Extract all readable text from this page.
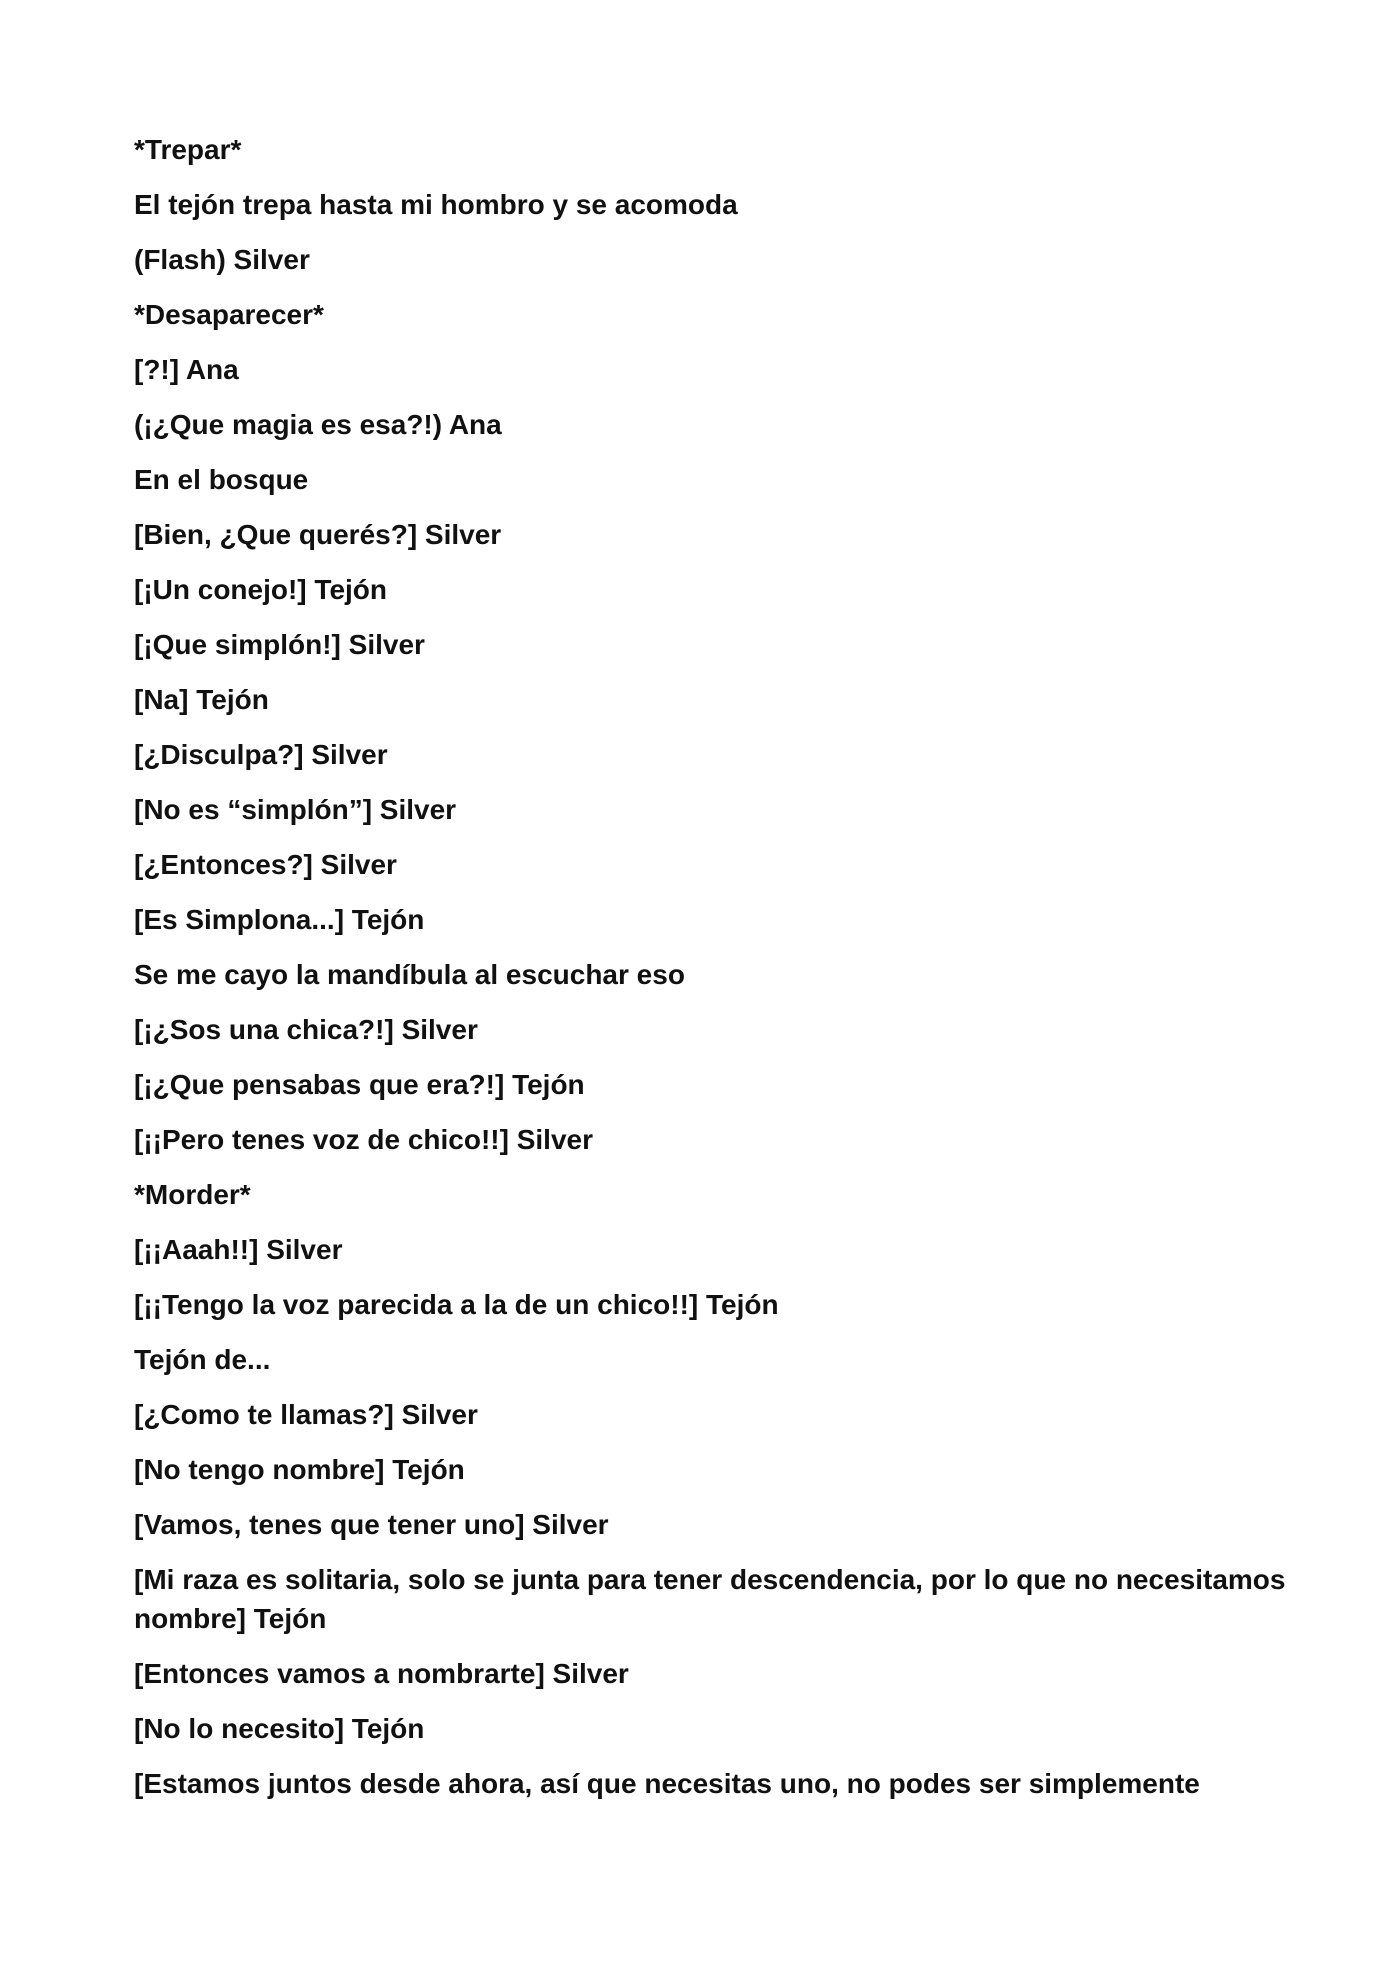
*Trepar*

El tejón trepa hasta mi hombro y se acomoda

(Flash) Silver

*Desaparecer*

[?!] Ana

(¡¿Que magia es esa?!) Ana

En el bosque

[Bien, ¿Que querés?] Silver

[¡Un conejo!] Tejón

[¡Que simplón!] Silver

[Na] Tejón

[¿Disculpa?] Silver

[No es “simplón”] Silver

[¿Entonces?] Silver

[Es Simplona...] Tejón

Se me cayo la mandíbula al escuchar eso

[¡¿Sos una chica?!] Silver

[¡¿Que pensabas que era?!] Tejón

[¡¡Pero tenes voz de chico!!] Silver

*Morder*

[¡¡Aaah!!] Silver

[¡¡Tengo la voz parecida a la de un chico!!] Tejón

Tejón de...

[¿Como te llamas?] Silver

[No tengo nombre] Tejón

[Vamos, tenes que tener uno] Silver

[Mi raza es solitaria, solo se junta para tener descendencia, por lo que no necesitamos nombre] Tejón

[Entonces vamos a nombrarte] Silver

[No lo necesito] Tejón

[Estamos juntos desde ahora, así que necesitas uno, no podes ser simplemente
